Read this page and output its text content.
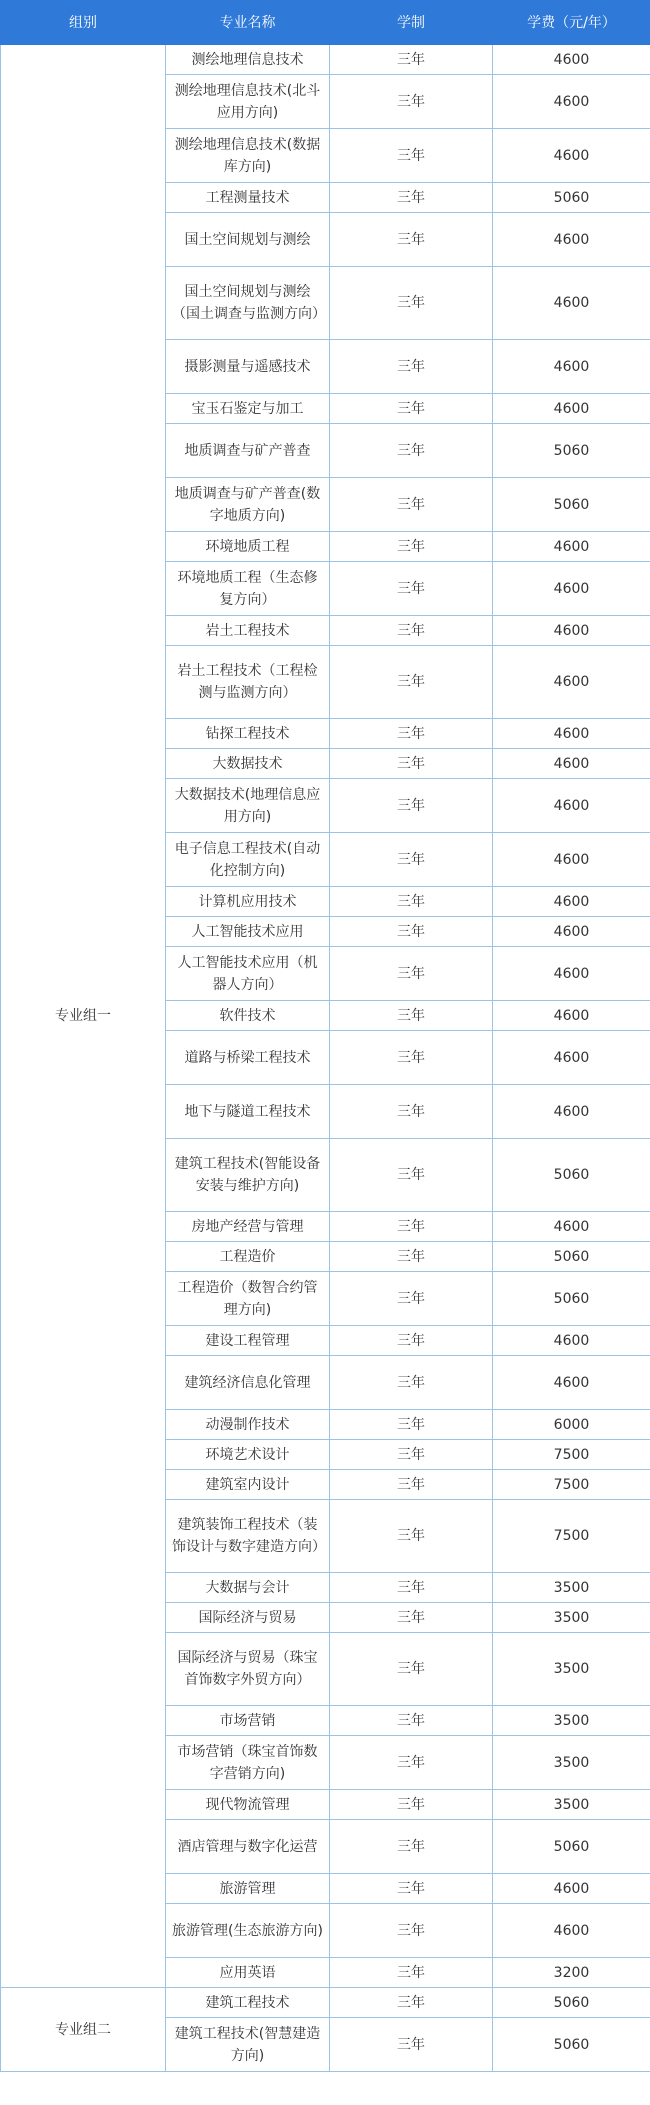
组别	专业名称	学制	学费（元/年）
专业组一	测绘地理信息技术	三年	4600
	测绘地理信息技术(北斗应用方向)	三年	4600
	测绘地理信息技术(数据库方向)	三年	4600
	工程测量技术	三年	5060
	国土空间规划与测绘	三年	4600
	国土空间规划与测绘（国土调查与监测方向）	三年	4600
	摄影测量与遥感技术	三年	4600
	宝玉石鉴定与加工	三年	4600
	地质调查与矿产普查	三年	5060
	地质调查与矿产普查(数字地质方向)	三年	5060
	环境地质工程	三年	4600
	环境地质工程（生态修复方向）	三年	4600
	岩土工程技术	三年	4600
	岩土工程技术（工程检测与监测方向）	三年	4600
	钻探工程技术	三年	4600
	大数据技术	三年	4600
	大数据技术(地理信息应用方向)	三年	4600
	电子信息工程技术(自动化控制方向)	三年	4600
	计算机应用技术	三年	4600
	人工智能技术应用	三年	4600
	人工智能技术应用（机器人方向）	三年	4600
	软件技术	三年	4600
	道路与桥梁工程技术	三年	4600
	地下与隧道工程技术	三年	4600
	建筑工程技术(智能设备安装与维护方向)	三年	5060
	房地产经营与管理	三年	4600
	工程造价	三年	5060
	工程造价（数智合约管理方向)	三年	5060
	建设工程管理	三年	4600
	建筑经济信息化管理	三年	4600
	动漫制作技术	三年	6000
	环境艺术设计	三年	7500
	建筑室内设计	三年	7500
	建筑装饰工程技术（装饰设计与数字建造方向）	三年	7500
	大数据与会计	三年	3500
	国际经济与贸易	三年	3500
	国际经济与贸易（珠宝首饰数字外贸方向）	三年	3500
	市场营销	三年	3500
	市场营销（珠宝首饰数字营销方向)	三年	3500
	现代物流管理	三年	3500
	酒店管理与数字化运营	三年	5060
	旅游管理	三年	4600
	旅游管理(生态旅游方向)	三年	4600
	应用英语	三年	3200
专业组二	建筑工程技术	三年	5060
	建筑工程技术(智慧建造方向)	三年	5060
